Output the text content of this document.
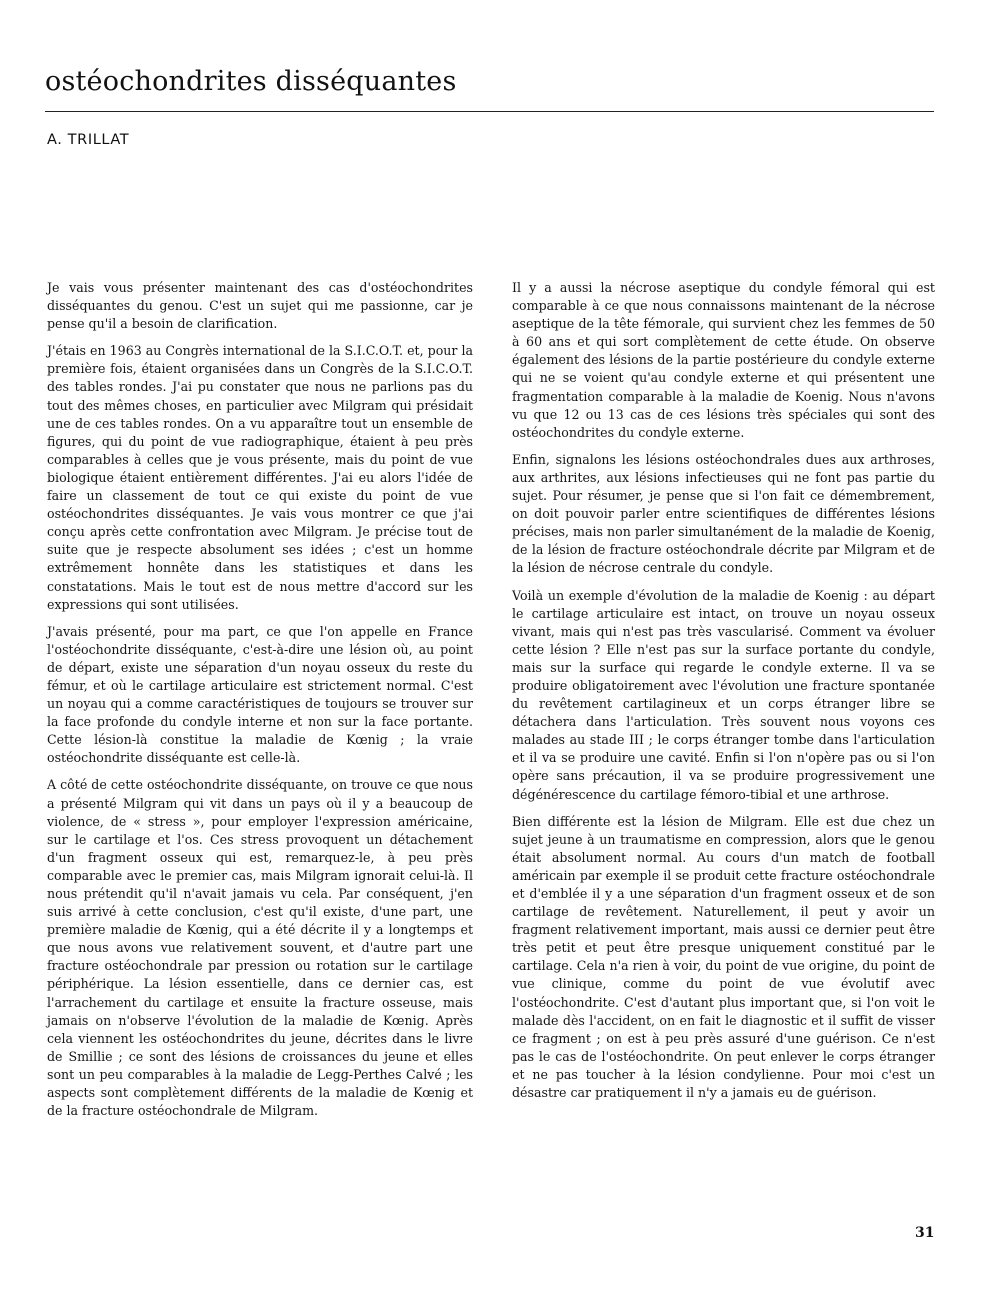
ostéochondrites disséquantes
A. TRILLAT

Je vais vous présenter maintenant des cas d'ostéochondrites disséquantes du genou. C'est un sujet qui me passionne, car je pense qu'il a besoin de clarification.

J'étais en 1963 au Congrès international de la S.I.C.O.T. et, pour la première fois, étaient organisées dans un Congrès de la S.I.C.O.T. des tables rondes. J'ai pu constater que nous ne parlions pas du tout des mêmes choses, en particulier avec Milgram qui présidait une de ces tables rondes. On a vu apparaître tout un ensemble de figures, qui du point de vue radiographique, étaient à peu près comparables à celles que je vous présente, mais du point de vue biologique étaient entièrement différentes. J'ai eu alors l'idée de faire un classement de tout ce qui existe du point de vue ostéochondrites disséquantes. Je vais vous montrer ce que j'ai conçu après cette confrontation avec Milgram. Je précise tout de suite que je respecte absolument ses idées ; c'est un homme extrêmement honnête dans les statistiques et dans les constatations. Mais le tout est de nous mettre d'accord sur les expressions qui sont utilisées.

J'avais présenté, pour ma part, ce que l'on appelle en France l'ostéochondrite disséquante, c'est-à-dire une lésion où, au point de départ, existe une séparation d'un noyau osseux du reste du fémur, et où le cartilage articulaire est strictement normal. C'est un noyau qui a comme caractéristiques de toujours se trouver sur la face profonde du condyle interne et non sur la face portante. Cette lésion-là constitue la maladie de Kœnig ; la vraie ostéochondrite disséquante est celle-là.

A côté de cette ostéochondrite disséquante, on trouve ce que nous a présenté Milgram qui vit dans un pays où il y a beaucoup de violence, de « stress », pour employer l'expression américaine, sur le cartilage et l'os. Ces stress provoquent un détachement d'un fragment osseux qui est, remarquez-le, à peu près comparable avec le premier cas, mais Milgram ignorait celui-là. Il nous prétendit qu'il n'avait jamais vu cela. Par conséquent, j'en suis arrivé à cette conclusion, c'est qu'il existe, d'une part, une première maladie de Kœnig, qui a été décrite il y a longtemps et que nous avons vue relativement souvent, et d'autre part une fracture ostéochondrale par pression ou rotation sur le cartilage périphérique. La lésion essentielle, dans ce dernier cas, est l'arrachement du cartilage et ensuite la fracture osseuse, mais jamais on n'observe l'évolution de la maladie de Kœnig. Après cela viennent les ostéochondrites du jeune, décrites dans le livre de Smillie ; ce sont des lésions de croissances du jeune et elles sont un peu comparables à la maladie de Legg-Perthes Calvé ; les aspects sont complètement différents de la maladie de Kœnig et de la fracture ostéochondrale de Milgram.

Il y a aussi la nécrose aseptique du condyle fémoral qui est comparable à ce que nous connaissons maintenant de la nécrose aseptique de la tête fémorale, qui survient chez les femmes de 50 à 60 ans et qui sort complètement de cette étude. On observe également des lésions de la partie postérieure du condyle externe qui ne se voient qu'au condyle externe et qui présentent une fragmentation comparable à la maladie de Koenig. Nous n'avons vu que 12 ou 13 cas de ces lésions très spéciales qui sont des ostéochondrites du condyle externe.

Enfin, signalons les lésions ostéochondrales dues aux arthroses, aux arthrites, aux lésions infectieuses qui ne font pas partie du sujet. Pour résumer, je pense que si l'on fait ce démembrement, on doit pouvoir parler entre scientifiques de différentes lésions précises, mais non parler simultanément de la maladie de Koenig, de la lésion de fracture ostéochondrale décrite par Milgram et de la lésion de nécrose centrale du condyle.

Voilà un exemple d'évolution de la maladie de Koenig : au départ le cartilage articulaire est intact, on trouve un noyau osseux vivant, mais qui n'est pas très vascularisé. Comment va évoluer cette lésion ? Elle n'est pas sur la surface portante du condyle, mais sur la surface qui regarde le condyle externe. Il va se produire obligatoirement avec l'évolution une fracture spontanée du revêtement cartilagineux et un corps étranger libre se détachera dans l'articulation. Très souvent nous voyons ces malades au stade III ; le corps étranger tombe dans l'articulation et il va se produire une cavité. Enfin si l'on n'opère pas ou si l'on opère sans précaution, il va se produire progressivement une dégénérescence du cartilage fémoro-tibial et une arthrose.

Bien différente est la lésion de Milgram. Elle est due chez un sujet jeune à un traumatisme en compression, alors que le genou était absolument normal. Au cours d'un match de football américain par exemple il se produit cette fracture ostéochondrale et d'emblée il y a une séparation d'un fragment osseux et de son cartilage de revêtement. Naturellement, il peut y avoir un fragment relativement important, mais aussi ce dernier peut être très petit et peut être presque uniquement constitué par le cartilage. Cela n'a rien à voir, du point de vue origine, du point de vue clinique, comme du point de vue évolutif avec l'ostéochondrite. C'est d'autant plus important que, si l'on voit le malade dès l'accident, on en fait le diagnostic et il suffit de visser ce fragment ; on est à peu près assuré d'une guérison. Ce n'est pas le cas de l'ostéochondrite. On peut enlever le corps étranger et ne pas toucher à la lésion condylienne. Pour moi c'est un désastre car pratiquement il n'y a jamais eu de guérison.

31
